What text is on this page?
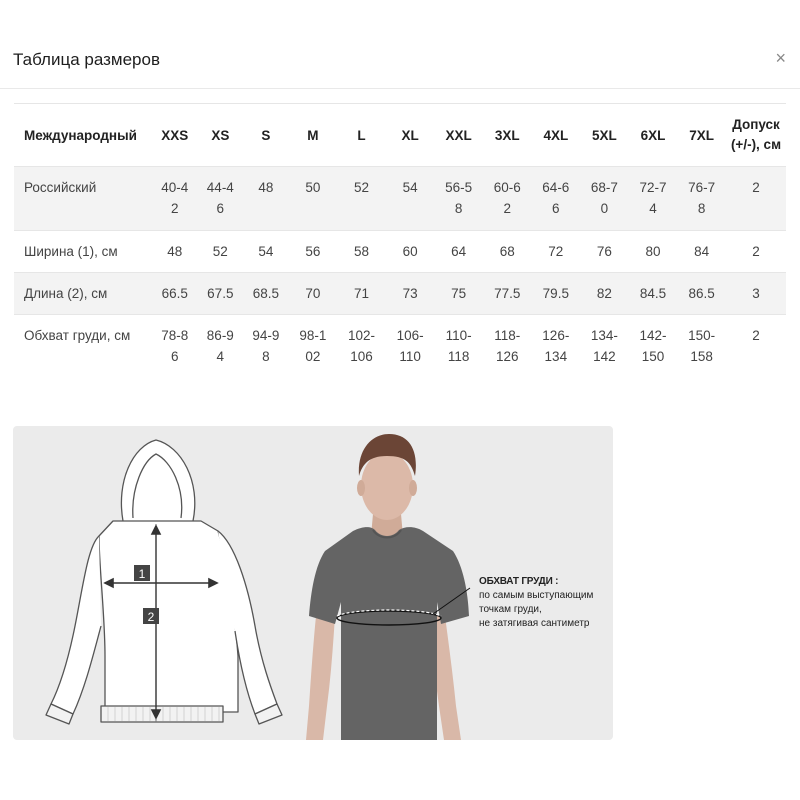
Таблица размеров	×
Международный	XXS	XS	S	M	L	XL	XXL	3XL	4XL	5XL	6XL	7XL	Допуск (+/-), см
Российский	40-42	44-46	48	50	52	54	56-58	60-62	64-66	68-70	72-74	76-78	2
Ширина (1), см	48	52	54	56	58	60	64	68	72	76	80	84	2
Длина (2), см	66.5	67.5	68.5	70	71	73	75	77.5	79.5	82	84.5	86.5	3
Обхват груди, см	78-86	86-94	94-98	98-102	102-106	106-110	110-118	118-126	126-134	134-142	142-150	150-158	2
1
2
ОБХВАТ ГРУДИ :
по самым выступающим
точкам груди,
не затягивая сантиметр
